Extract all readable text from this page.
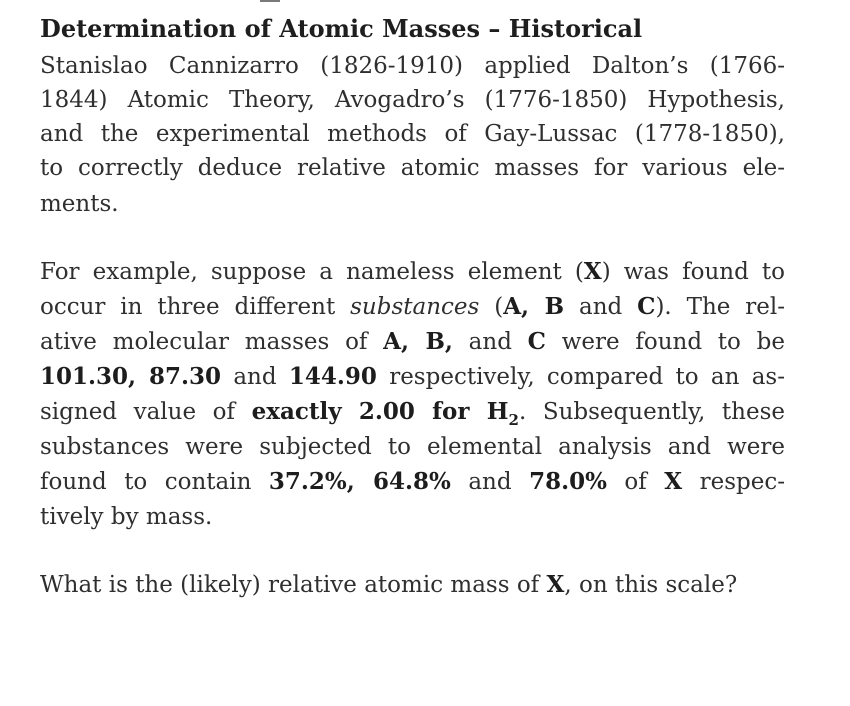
Determination of Atomic Masses – Historical
Stanislao Cannizarro (1826-1910) applied Dalton’s (1766-
1844) Atomic Theory, Avogadro’s (1776-1850) Hypothesis,
and the experimental methods of Gay-Lussac (1778-1850),
to correctly deduce relative atomic masses for various ele-
ments.
For example, suppose a nameless element (X) was found to
occur in three different substances (A, B and C). The rel-
ative molecular masses of A, B, and C were found to be
101.30, 87.30 and 144.90 respectively, compared to an as-
signed value of exactly 2.00 for $H_2$. Subsequently, these
substances were subjected to elemental analysis and were
found to contain 37.2%, 64.8% and 78.0% of X respec-
tively by mass.
What is the (likely) relative atomic mass of X, on this scale?
